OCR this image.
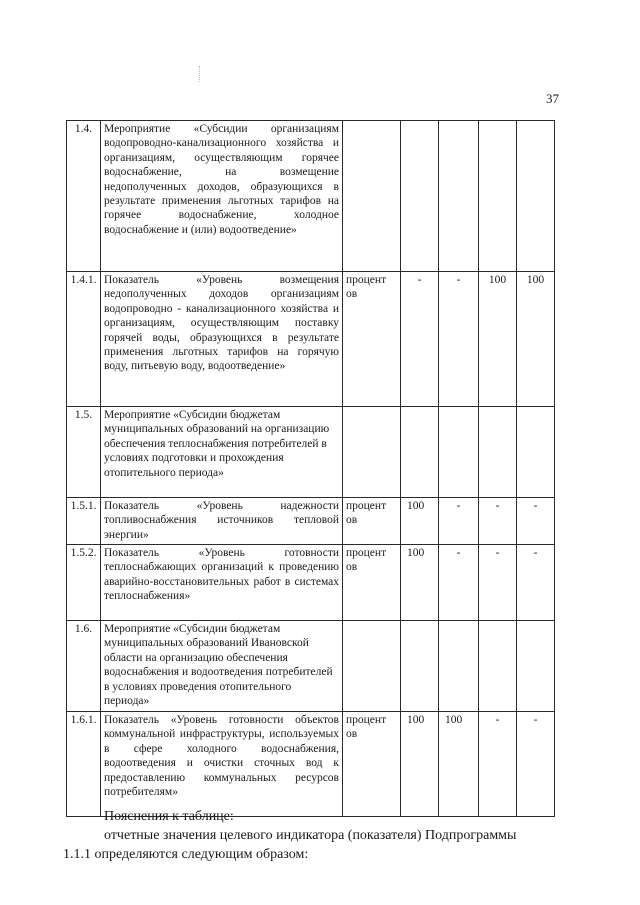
37
1.4.	Мероприятие «Субсидии организациям водопроводно-канализационного хозяйства и организациям, осуществляющим горячее водоснабжение, на возмещение недополученных доходов, образующихся в результате применения льготных тарифов на горячее водоснабжение, холодное водоснабжение и (или) водоотведение»					
1.4.1.	Показатель «Уровень возмещения недополученных доходов организациям водопроводно - канализационного хозяйства и организациям, осуществляющим поставку горячей воды, образующихся в результате применения льготных тарифов на горячую воду, питьевую воду, водоотведение»	процент ов	-	-	100	100
1.5.	Мероприятие «Субсидии бюджетам муниципальных образований на организацию обеспечения теплоснабжения потребителей в условиях подготовки и прохождения отопительного периода»					
1.5.1.	Показатель «Уровень надежности топливоснабжения источников тепловой энергии»	процент ов	100	-	-	-
1.5.2.	Показатель «Уровень готовности теплоснабжающих организаций к проведению аварийно-восстановительных работ в системах теплоснабжения»	процент ов	100	-	-	-
1.6.	Мероприятие «Субсидии бюджетам муниципальных образований Ивановской области на организацию обеспечения водоснабжения и водоотведения потребителей в условиях проведения отопительного периода»					
1.6.1.	Показатель «Уровень готовности объектов коммунальной инфраструктуры, используемых в сфере холодного водоснабжения, водоотведения и очистки сточных вод к предоставлению коммунальных ресурсов потребителям»	процент ов	100	100	-	-
Пояснения к таблице:
отчетные значения целевого индикатора (показателя) Подпрограммы
1.1.1 определяются следующим образом:
